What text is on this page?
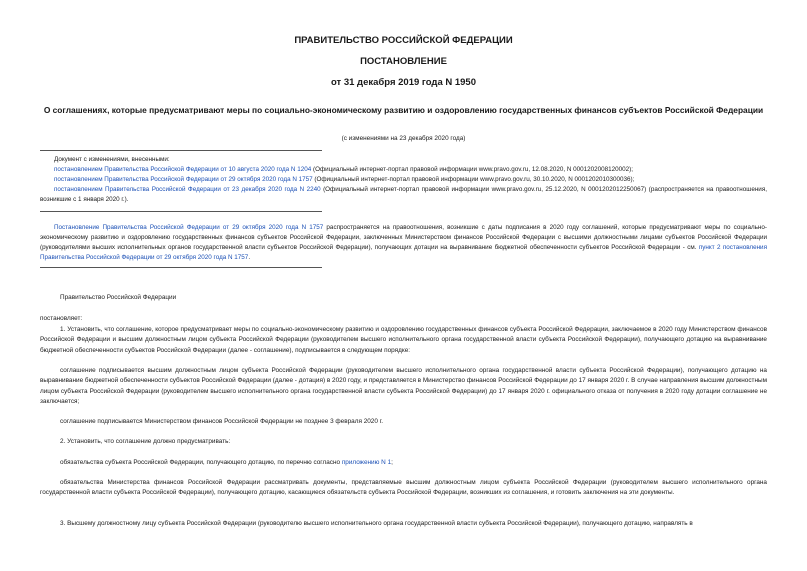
ПРАВИТЕЛЬСТВО РОССИЙСКОЙ ФЕДЕРАЦИИ
ПОСТАНОВЛЕНИЕ
от 31 декабря 2019 года N 1950
О соглашениях, которые предусматривают меры по социально-экономическому развитию и оздоровлению государственных финансов субъектов Российской Федерации
(с изменениями на 23 декабря 2020 года)
Документ с изменениями, внесенными:
постановлением Правительства Российской Федерации от 10 августа 2020 года N 1204 (Официальный интернет-портал правовой информации www.pravo.gov.ru, 12.08.2020, N 0001202008120002);
постановлением Правительства Российской Федерации от 29 октября 2020 года N 1757 (Официальный интернет-портал правовой информации www.pravo.gov.ru, 30.10.2020, N 0001202010300036);
постановлением Правительства Российской Федерации от 23 декабря 2020 года N 2240 (Официальный интернет-портал правовой информации www.pravo.gov.ru, 25.12.2020, N 0001202012250067) (распространяется на правоотношения, возникшие с 1 января 2020 г.).
Постановление Правительства Российской Федерации от 29 октября 2020 года N 1757 распространяется на правоотношения, возникшие с даты подписания в 2020 году соглашений, которые предусматривают меры по социально-экономическому развитию и оздоровлению государственных финансов субъектов Российской Федерации, заключенных Министерством финансов Российской Федерации с высшими должностными лицами субъектов Российской Федерации (руководителями высших исполнительных органов государственной власти субъектов Российской Федерации), получающих дотации на выравнивание бюджетной обеспеченности субъектов Российской Федерации - см. пункт 2 постановления Правительства Российской Федерации от 29 октября 2020 года N 1757.
Правительство Российской Федерации
постановляет:
1. Установить, что соглашение, которое предусматривает меры по социально-экономическому развитию и оздоровлению государственных финансов субъекта Российской Федерации, заключаемое в 2020 году Министерством финансов Российской Федерации и высшим должностным лицом субъекта Российской Федерации (руководителем высшего исполнительного органа государственной власти субъекта Российской Федерации), получающего дотацию на выравнивание бюджетной обеспеченности субъектов Российской Федерации (далее - соглашение), подписывается в следующем порядке:
соглашение подписывается высшим должностным лицом субъекта Российской Федерации (руководителем высшего исполнительного органа государственной власти субъекта Российской Федерации), получающего дотацию на выравнивание бюджетной обеспеченности субъектов Российской Федерации (далее - дотация) в 2020 году, и представляется в Министерство финансов Российской Федерации до 17 января 2020 г. В случае направления высшим должностным лицом субъекта Российской Федерации (руководителем высшего исполнительного органа государственной власти субъекта Российской Федерации) до 17 января 2020 г. официального отказа от получения в 2020 году дотации соглашение не заключается;
соглашение подписывается Министерством финансов Российской Федерации не позднее 3 февраля 2020 г.
2. Установить, что соглашение должно предусматривать:
обязательства субъекта Российской Федерации, получающего дотацию, по перечню согласно приложению N 1;
обязательства Министерства финансов Российской Федерации рассматривать документы, представляемые высшим должностным лицом субъекта Российской Федерации (руководителем высшего исполнительного органа государственной власти субъекта Российской Федерации), получающего дотацию, касающиеся обязательств субъекта Российской Федерации, возникших из соглашения, и готовить заключения на эти документы.
3. Высшему должностному лицу субъекта Российской Федерации (руководителю высшего исполнительного органа государственной власти субъекта Российской Федерации), получающего дотацию, направлять в
